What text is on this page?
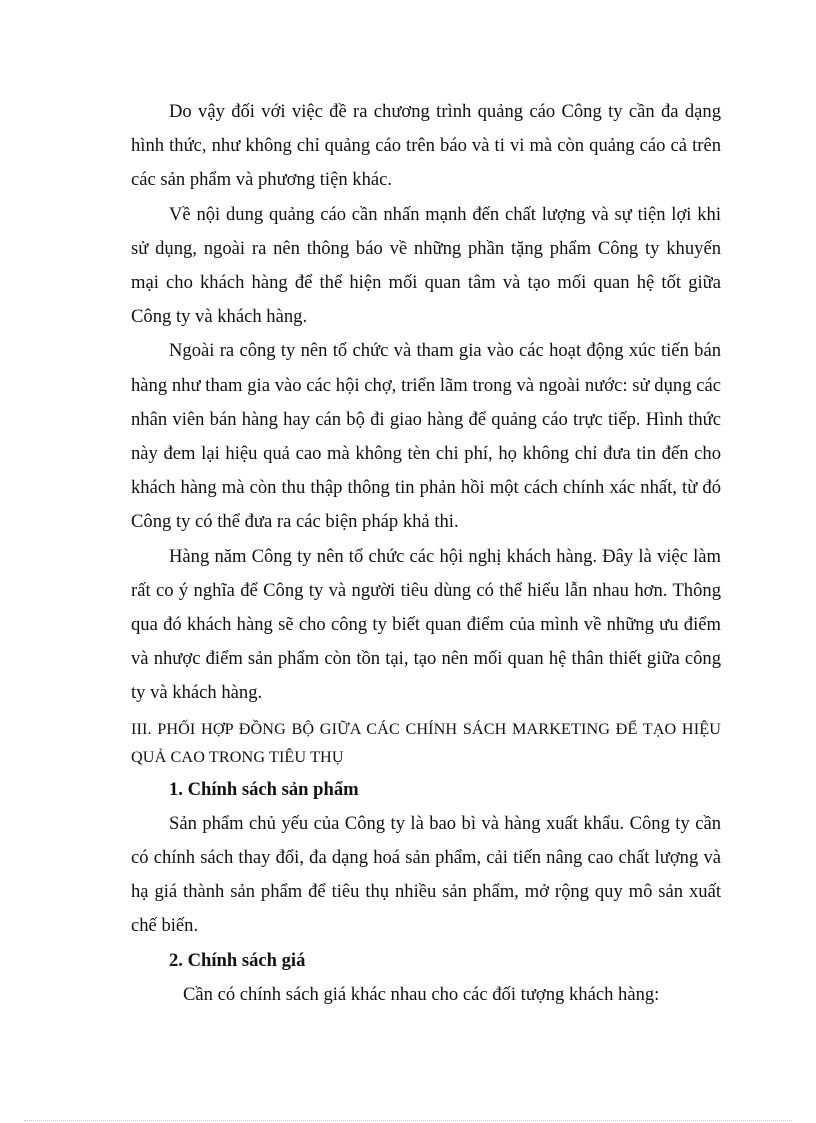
Do vậy đối với việc đề ra chương trình quảng cáo Công ty cần đa dạng hình thức, như không chỉ quảng cáo trên báo và ti vi mà còn quảng cáo cả trên các sản phẩm và phương tiện khác.

Về nội dung quảng cáo cần nhấn mạnh đến chất lượng và sự tiện lợi khi sử dụng, ngoài ra nên thông báo về những phần tặng phẩm Công ty khuyến mại cho khách hàng để thể hiện mối quan tâm và tạo mối quan hệ tốt giữa Công ty và khách hàng.

Ngoài ra công ty nên tổ chức và tham gia vào các hoạt động xúc tiến bán hàng như tham gia vào các hội chợ, triển lãm trong và ngoài nước: sử dụng các nhân viên bán hàng hay cán bộ đi giao hàng để quảng cáo trực tiếp. Hình thức này đem lại hiệu quả cao mà không tèn chi phí, họ không chỉ đưa tin đến cho khách hàng mà còn thu thập thông tin phản hồi một cách chính xác nhất, từ đó Công ty có thể đưa ra các biện pháp khả thi.

Hàng năm Công ty nên tổ chức các hội nghị khách hàng. Đây là việc làm rất co ý nghĩa để Công ty và người tiêu dùng có thể hiểu lẫn nhau hơn. Thông qua đó khách hàng sẽ cho công ty biết quan điểm của mình về những ưu điểm và nhược điểm sản phẩm còn tồn tại, tạo nên mối quan hệ thân thiết giữa công ty và khách hàng.

III. PHỐI HỢP ĐỒNG BỘ GIỮA CÁC CHÍNH SÁCH MARKETING ĐỂ TẠO HIỆU QUẢ CAO TRONG TIÊU THỤ

1. Chính sách sản phẩm

Sản phẩm chủ yếu của Công ty là bao bì và hàng xuất khẩu. Công ty cần có chính sách thay đổi, đa dạng hoá sản phẩm, cải tiến nâng cao chất lượng và hạ giá thành sản phẩm để tiêu thụ nhiều sản phẩm, mở rộng quy mô sản xuất chế biến.

2. Chính sách giá

Cần có chính sách giá khác nhau cho các đối tượng khách hàng:
